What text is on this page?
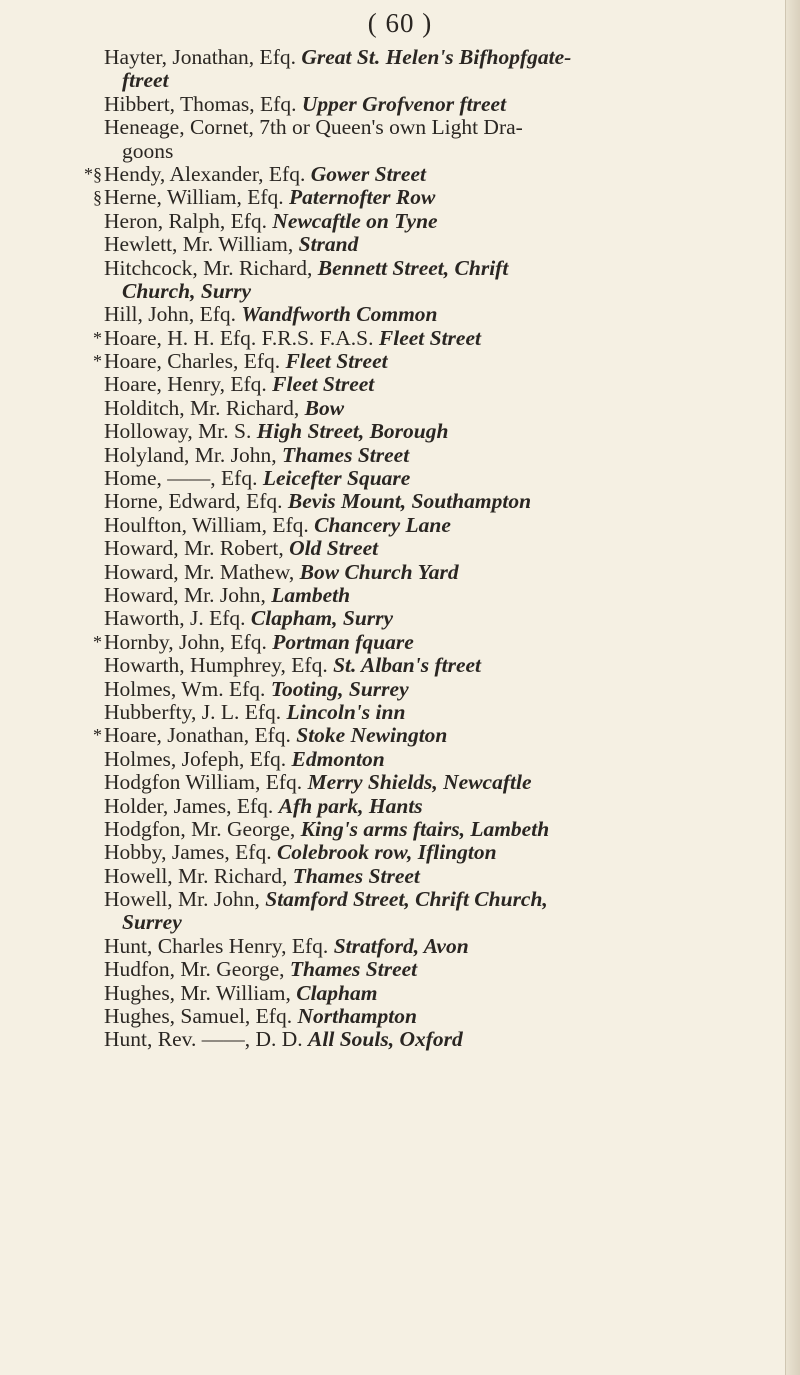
( 60 )
Hayter, Jonathan, Efq. Great St. Helen's Bifhopfgate-
ftreet
Hibbert, Thomas, Efq. Upper Grofvenor ftreet
Heneage, Cornet, 7th or Queen's own Light Dra-
goons
*§ Hendy, Alexander, Efq. Gower Street
§ Herne, William, Efq. Paternofter Row
Heron, Ralph, Efq. Newcaftle on Tyne
Hewlett, Mr. William, Strand
Hitchcock, Mr. Richard, Bennett Street, Chrift
Church, Surry
Hill, John, Efq. Wandfworth Common
* Hoare, H. H. Efq. F.R.S. F.A.S. Fleet Street
* Hoare, Charles, Efq. Fleet Street
Hoare, Henry, Efq. Fleet Street
Holditch, Mr. Richard, Bow
Holloway, Mr. S. High Street, Borough
Holyland, Mr. John, Thames Street
Home, ——, Efq. Leicefter Square
Horne, Edward, Efq. Bevis Mount, Southampton
Houlfton, William, Efq. Chancery Lane
Howard, Mr. Robert, Old Street
Howard, Mr. Mathew, Bow Church Yard
Howard, Mr. John, Lambeth
Haworth, J. Efq. Clapham, Surry
* Hornby, John, Efq. Portman fquare
Howarth, Humphrey, Efq. St. Alban's ftreet
Holmes, Wm. Efq. Tooting, Surrey
Hubberfty, J. L. Efq. Lincoln's inn
* Hoare, Jonathan, Efq. Stoke Newington
Holmes, Jofeph, Efq. Edmonton
Hodgfon William, Efq. Merry Shields, Newcaftle
Holder, James, Efq. Afh park, Hants
Hodgfon, Mr. George, King's arms ftairs, Lambeth
Hobby, James, Efq. Colebrook row, Iflington
Howell, Mr. Richard, Thames Street
Howell, Mr. John, Stamford Street, Chrift Church,
Surrey
Hunt, Charles Henry, Efq. Stratford, Avon
Hudfon, Mr. George, Thames Street
Hughes, Mr. William, Clapham
Hughes, Samuel, Efq. Northampton
Hunt, Rev. ——, D. D. All Souls, Oxford
